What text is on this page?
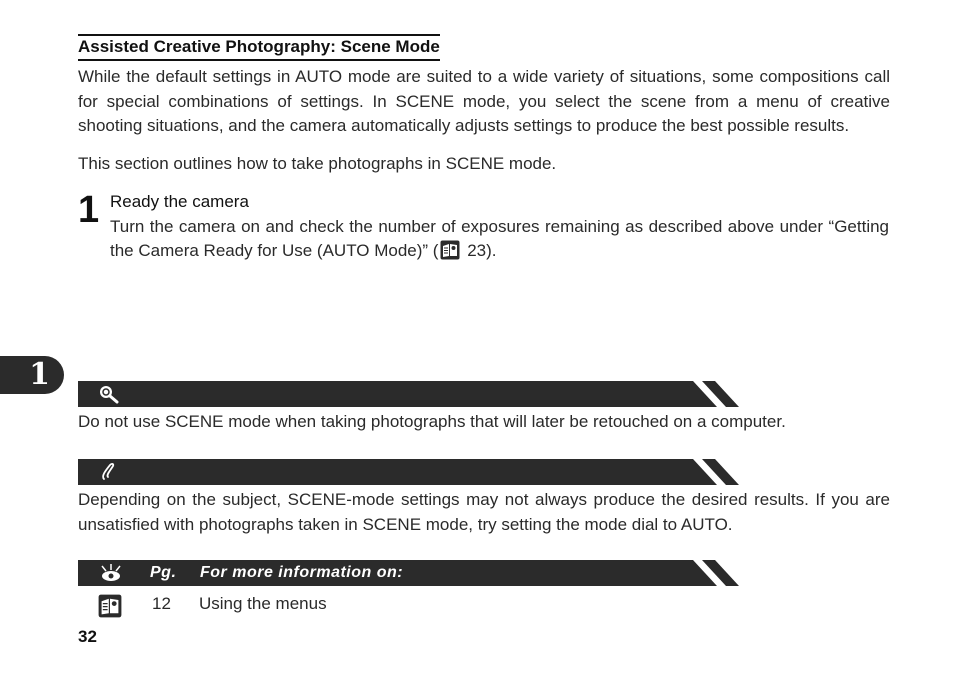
Assisted Creative Photography: Scene Mode
While the default settings in AUTO mode are suited to a wide variety of situations, some compositions call for special combinations of settings. In SCENE mode, you select the scene from a menu of creative shooting situations, and the camera automatically adjusts settings to produce the best possible results.
This section outlines how to take photographs in SCENE mode.
1 Ready the camera
Turn the camera on and check the number of exposures remaining as described above under “Getting the Camera Ready for Use (AUTO Mode)” ( 23).
1
Do not use SCENE mode when taking photographs that will later be retouched on a computer.
Depending on the subject, SCENE-mode settings may not always produce the desired results. If you are unsatisfied with photographs taken in SCENE mode, try setting the mode dial to AUTO.
Pg. For more information on:
12 Using the menus
32
